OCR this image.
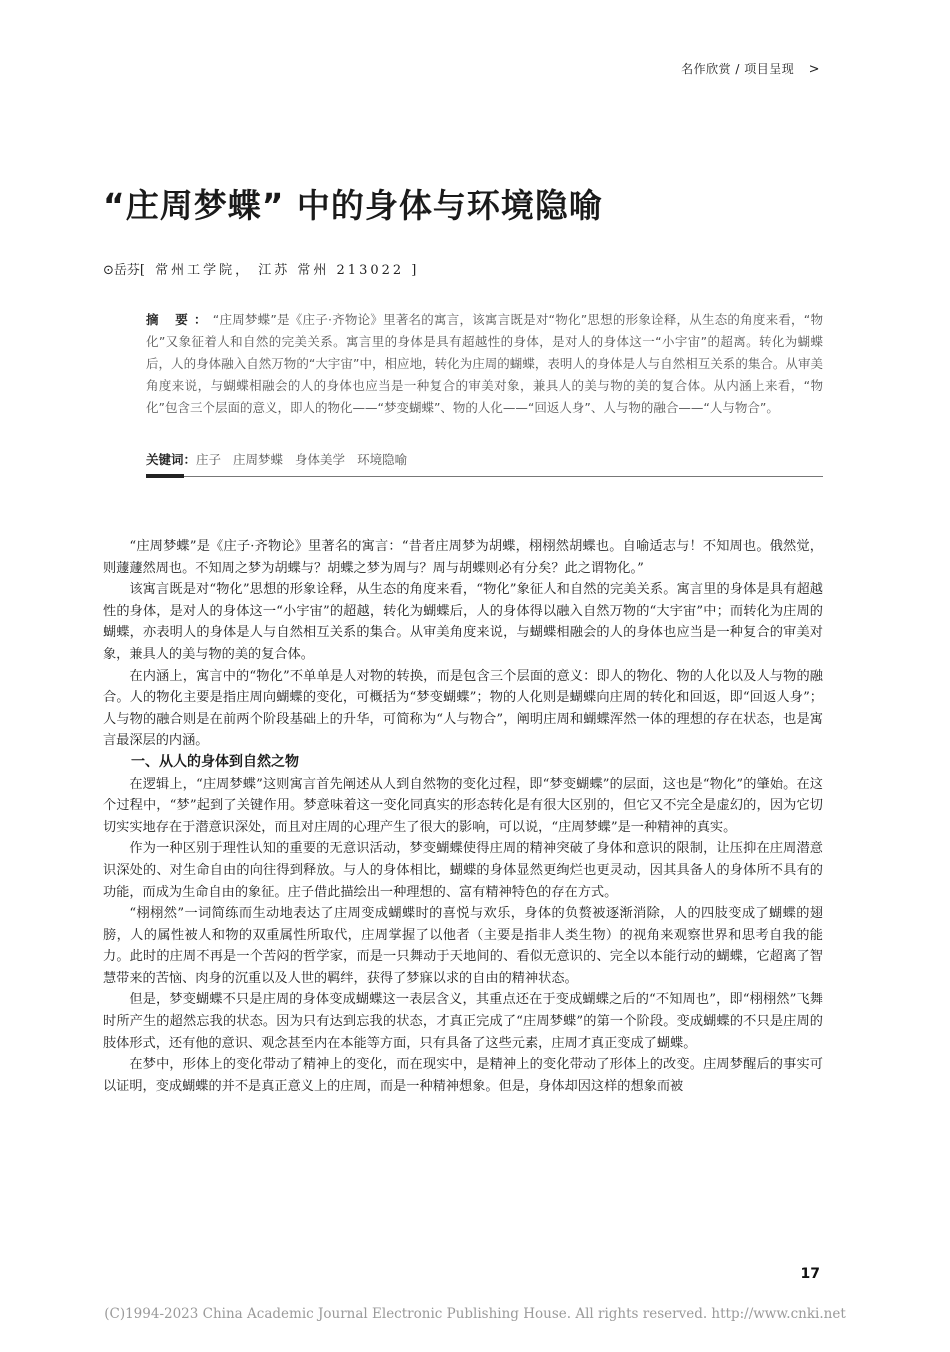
名作欣赏 / 项目呈现 >
“庄周梦蝶” 中的身体与环境隐喻
⊙岳芬[ 常州工学院， 江苏 常州 213022 ]

摘 要：“庄周梦蝶”是《庄子·齐物论》里著名的寓言，该寓言既是对“物化”思想的形象诠释，从生态的角度来看，“物化”又象征着人和自然的完美关系。寓言里的身体是具有超越性的身体，是对人的身体这一“小宇宙”的超离。转化为蝴蝶后，人的身体融入自然万物的“大宇宙”中，相应地，转化为庄周的蝴蝶，表明人的身体是人与自然相互关系的集合。从审美角度来说，与蝴蝶相融会的人的身体也应当是一种复合的审美对象，兼具人的美与物的美的复合体。从内涵上来看，“物化”包含三个层面的意义，即人的物化——“梦变蝴蝶”、物的人化——“回返人身”、人与物的融合——“人与物合”。

关键词：庄子 庄周梦蝶 身体美学 环境隐喻

“庄周梦蝶”是《庄子·齐物论》里著名的寓言：“昔者庄周梦为胡蝶，栩栩然胡蝶也。自喻适志与！不知周也。俄然觉，则蘧蘧然周也。不知周之梦为胡蝶与？胡蝶之梦为周与？周与胡蝶则必有分矣？此之谓物化。”

该寓言既是对“物化”思想的形象诠释，从生态的角度来看，“物化”象征人和自然的完美关系。寓言里的身体是具有超越性的身体，是对人的身体这一“小宇宙”的超越，转化为蝴蝶后，人的身体得以融入自然万物的“大宇宙”中；而转化为庄周的蝴蝶，亦表明人的身体是人与自然相互关系的集合。从审美角度来说，与蝴蝶相融会的人的身体也应当是一种复合的审美对象，兼具人的美与物的美的复合体。

在内涵上，寓言中的“物化”不单单是人对物的转换，而是包含三个层面的意义：即人的物化、物的人化以及人与物的融合。人的物化主要是指庄周向蝴蝶的变化，可概括为“梦变蝴蝶”；物的人化则是蝴蝶向庄周的转化和回返，即“回返人身”；人与物的融合则是在前两个阶段基础上的升华，可简称为“人与物合”，阐明庄周和蝴蝶浑然一体的理想的存在状态，也是寓言最深层的内涵。

一、从人的身体到自然之物

在逻辑上，“庄周梦蝶”这则寓言首先阐述从人到自然物的变化过程，即“梦变蝴蝶”的层面，这也是“物化”的肇始。在这个过程中，“梦”起到了关键作用。梦意味着这一变化同真实的形态转化是有很大区别的，但它又不完全是虚幻的，因为它切切实实地存在于潜意识深处，而且对庄周的心理产生了很大的影响，可以说，“庄周梦蝶”是一种精神的真实。

作为一种区别于理性认知的重要的无意识活动，梦变蝴蝶使得庄周的精神突破了身体和意识的限制，让压抑在庄周潜意识深处的、对生命自由的向往得到释放。与人的身体相比，蝴蝶的身体显然更绚烂也更灵动，因其具备人的身体所不具有的功能，而成为生命自由的象征。庄子借此描绘出一种理想的、富有精神特色的存在方式。

“栩栩然”一词简练而生动地表达了庄周变成蝴蝶时的喜悦与欢乐，身体的负赘被逐渐消除，人的四肢变成了蝴蝶的翅膀，人的属性被人和物的双重属性所取代，庄周掌握了以他者（主要是指非人类生物）的视角来观察世界和思考自我的能力。此时的庄周不再是一个苦闷的哲学家，而是一只舞动于天地间的、看似无意识的、完全以本能行动的蝴蝶，它超离了智慧带来的苦恼、肉身的沉重以及人世的羁绊，获得了梦寐以求的自由的精神状态。

但是，梦变蝴蝶不只是庄周的身体变成蝴蝶这一表层含义，其重点还在于变成蝴蝶之后的“不知周也”，即“栩栩然”飞舞时所产生的超然忘我的状态。因为只有达到忘我的状态，才真正完成了“庄周梦蝶”的第一个阶段。变成蝴蝶的不只是庄周的肢体形式，还有他的意识、观念甚至内在本能等方面，只有具备了这些元素，庄周才真正变成了蝴蝶。

在梦中，形体上的变化带动了精神上的变化，而在现实中，是精神上的变化带动了形体上的改变。庄周梦醒后的事实可以证明，变成蝴蝶的并不是真正意义上的庄周，而是一种精神想象。但是，身体却因这样的想象而被

17
(C)1994-2023 China Academic Journal Electronic Publishing House. All rights reserved. http://www.cnki.net
